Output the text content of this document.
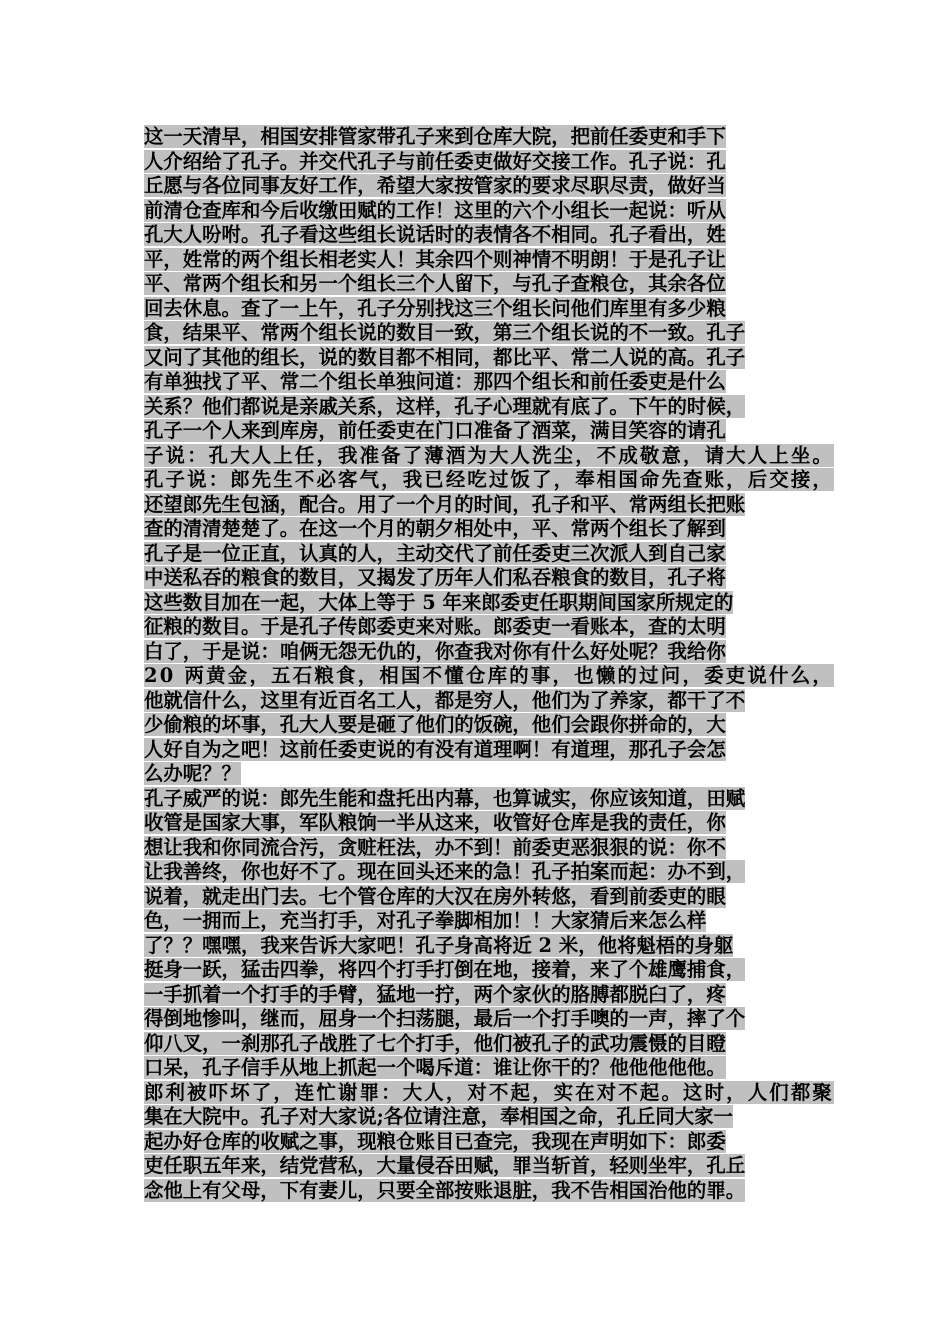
这一天清早，相国安排管家带孔子来到仓库大院，把前任委吏和手下
人介绍给了孔子。并交代孔子与前任委吏做好交接工作。孔子说：孔
丘愿与各位同事友好工作，希望大家按管家的要求尽职尽责，做好当
前清仓查库和今后收缴田赋的工作！这里的六个小组长一起说：听从
孔大人吩咐。孔子看这些组长说话时的表情各不相同。孔子看出，姓
平，姓常的两个组长相老实人！其余四个则神情不明朗！于是孔子让
平、常两个组长和另一个组长三个人留下，与孔子查粮仓，其余各位
回去休息。查了一上午，孔子分别找这三个组长问他们库里有多少粮
食，结果平、常两个组长说的数目一致，第三个组长说的不一致。孔子
又问了其他的组长，说的数目都不相同，都比平、常二人说的高。孔子
有单独找了平、常二个组长单独问道：那四个组长和前任委吏是什么
关系？他们都说是亲戚关系，这样，孔子心理就有底了。下午的时候，
孔子一个人来到库房，前任委吏在门口准备了酒菜，满目笑容的请孔
子说：孔大人上任，我准备了薄酒为大人洗尘，不成敬意，请大人上坐。
孔子说：郎先生不必客气，我已经吃过饭了，奉相国命先查账，后交接，
还望郎先生包涵，配合。用了一个月的时间，孔子和平、常两组长把账
查的清清楚楚了。在这一个月的朝夕相处中，平、常两个组长了解到
孔子是一位正直，认真的人，主动交代了前任委吏三次派人到自己家
中送私吞的粮食的数目，又揭发了历年人们私吞粮食的数目，孔子将
这些数目加在一起，大体上等于 5 年来郎委吏任职期间国家所规定的
征粮的数目。于是孔子传郎委吏来对账。郎委吏一看账本，查的太明
白了，于是说：咱俩无怨无仇的，你查我对你有什么好处呢？我给你
20 两黄金，五石粮食，相国不懂仓库的事，也懒的过问，委吏说什么，
他就信什么，这里有近百名工人，都是穷人，他们为了养家，都干了不
少偷粮的坏事，孔大人要是砸了他们的饭碗，他们会跟你拼命的，大
人好自为之吧！这前任委吏说的有没有道理啊！有道理，那孔子会怎
么办呢？？
孔子威严的说：郎先生能和盘托出内幕，也算诚实，你应该知道，田赋
收管是国家大事，军队粮饷一半从这来，收管好仓库是我的责任，你
想让我和你同流合污，贪赃枉法，办不到！前委吏恶狠狠的说：你不
让我善终，你也好不了。现在回头还来的急！孔子拍案而起：办不到，
说着，就走出门去。七个管仓库的大汉在房外转悠，看到前委吏的眼
色，一拥而上，充当打手，对孔子拳脚相加！！大家猜后来怎么样
了？？嘿嘿，我来告诉大家吧！孔子身高将近 2 米，他将魁梧的身躯
挺身一跃，猛击四拳，将四个打手打倒在地，接着，来了个雄鹰捕食，
一手抓着一个打手的手臂，猛地一拧，两个家伙的胳膊都脱臼了，疼
得倒地惨叫，继而，屈身一个扫荡腿，最后一个打手噢的一声，摔了个
仰八叉，一刹那孔子战胜了七个打手，他们被孔子的武功震慑的目瞪
口呆，孔子信手从地上抓起一个喝斥道：谁让你干的？他他他他他。
郎利被吓坏了，连忙谢罪：大人，对不起，实在对不起。这时，人们都聚
集在大院中。孔子对大家说;各位请注意，奉相国之命，孔丘同大家一
起办好仓库的收赋之事，现粮仓账目已查完，我现在声明如下：郎委
吏任职五年来，结党营私，大量侵吞田赋，罪当斩首，轻则坐牢，孔丘
念他上有父母，下有妻儿，只要全部按账退脏，我不告相国治他的罪。
